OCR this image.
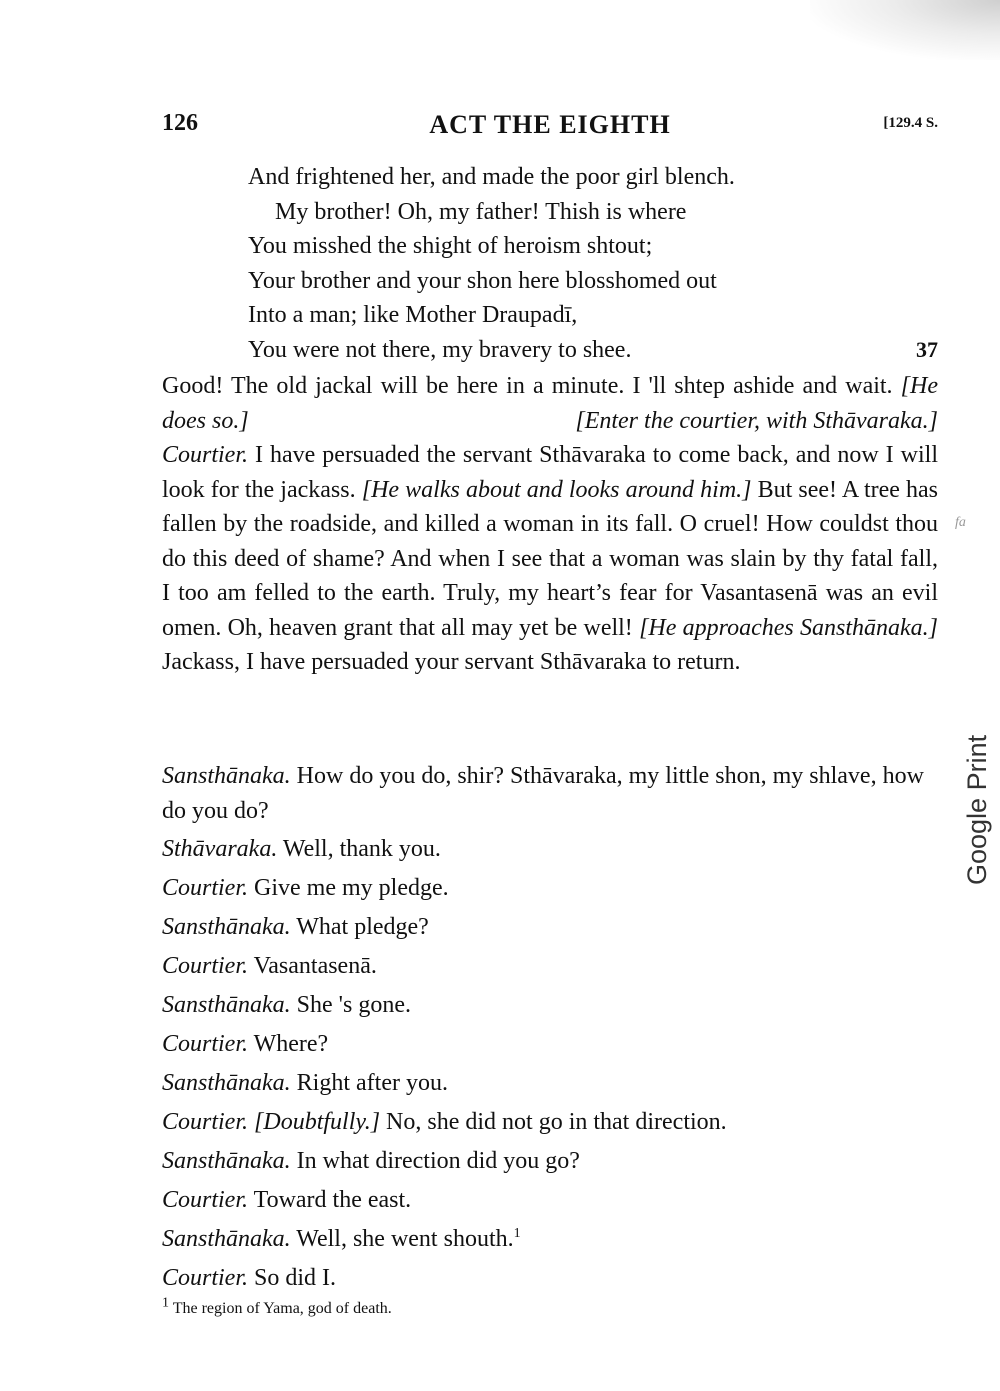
126	ACT THE EIGHTH	[129.4 S.
And frightened her, and made the poor girl blench.
My brother! Oh, my father! Thish is where
You misshed the shight of heroism shtout;
Your brother and your shon here blosshomed out
Into a man; like Mother Draupadī,
You were not there, my bravery to shee.	37
Good! The old jackal will be here in a minute. I 'll shtep ashide and wait. [He does so.]	[Enter the courtier, with Sthāvaraka.]
Courtier. I have persuaded the servant Sthāvaraka to come back, and now I will look for the jackass. [He walks about and looks around him.] But see! A tree has fallen by the roadside, and killed a woman in its fall. O cruel! How couldst thou do this deed of shame? And when I see that a woman was slain by thy fatal fall, I too am felled to the earth. Truly, my heart’s fear for Vasantasenā was an evil omen. Oh, heaven grant that all may yet be well! [He approaches Sansthānaka.] Jackass, I have persuaded your servant Sthāvaraka to return.
Sansthānaka. How do you do, shir? Sthāvaraka, my little shon, my shlave, how do you do?
Sthāvaraka. Well, thank you.
Courtier. Give me my pledge.
Sansthānaka. What pledge?
Courtier. Vasantasenā.
Sansthānaka. She 's gone.
Courtier. Where?
Sansthānaka. Right after you.
Courtier. [Doubtfully.] No, she did not go in that direction.
Sansthānaka. In what direction did you go?
Courtier. Toward the east.
Sansthānaka. Well, she went shouth.$^1$
Courtier. So did I.
$^1$ The region of Yama, god of death.
fa
Google Print
